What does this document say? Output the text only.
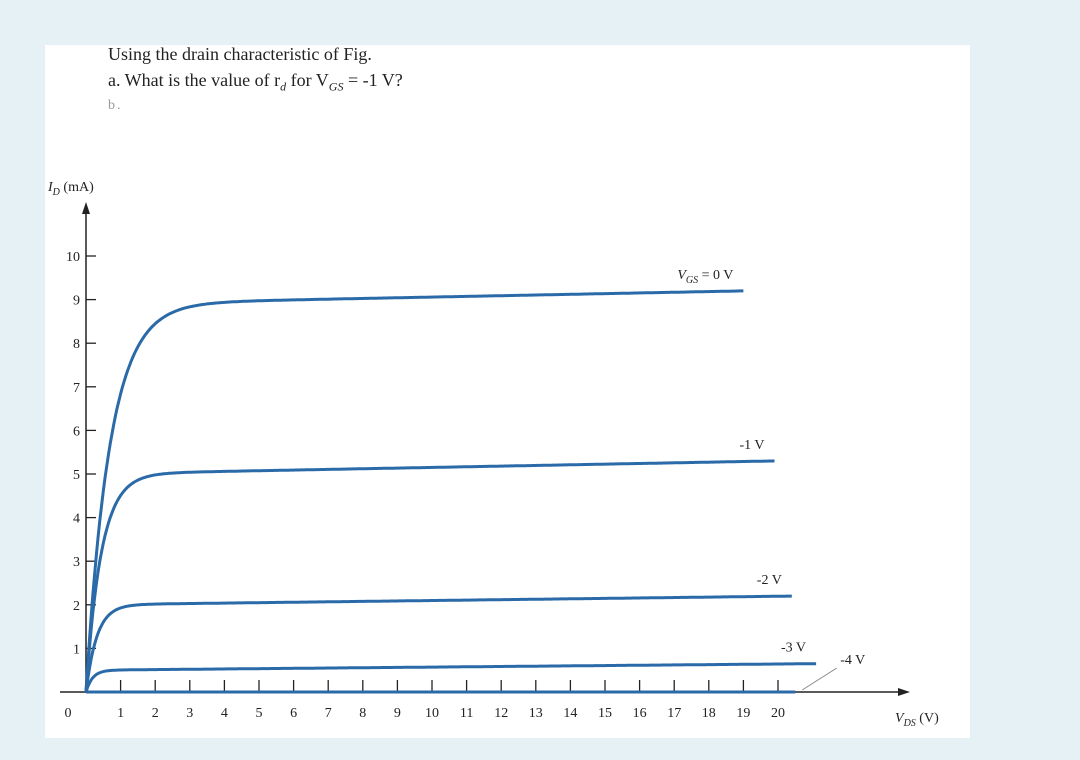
Using the drain characteristic of Fig.
a. What is the value of $r_d$ for $V_{GS} = -1$ V?
b.
1
2
3
4
5
6
7
8
9
10
1 2 3 4 5 6 7 8 9 10 11 12 13 14 15 16 17 18 19 20
0
$I_D$ (mA)
$V_{DS}$ (V)
$V_{GS} = 0$ V
-1 V
-2 V
-3 V
-4 V
